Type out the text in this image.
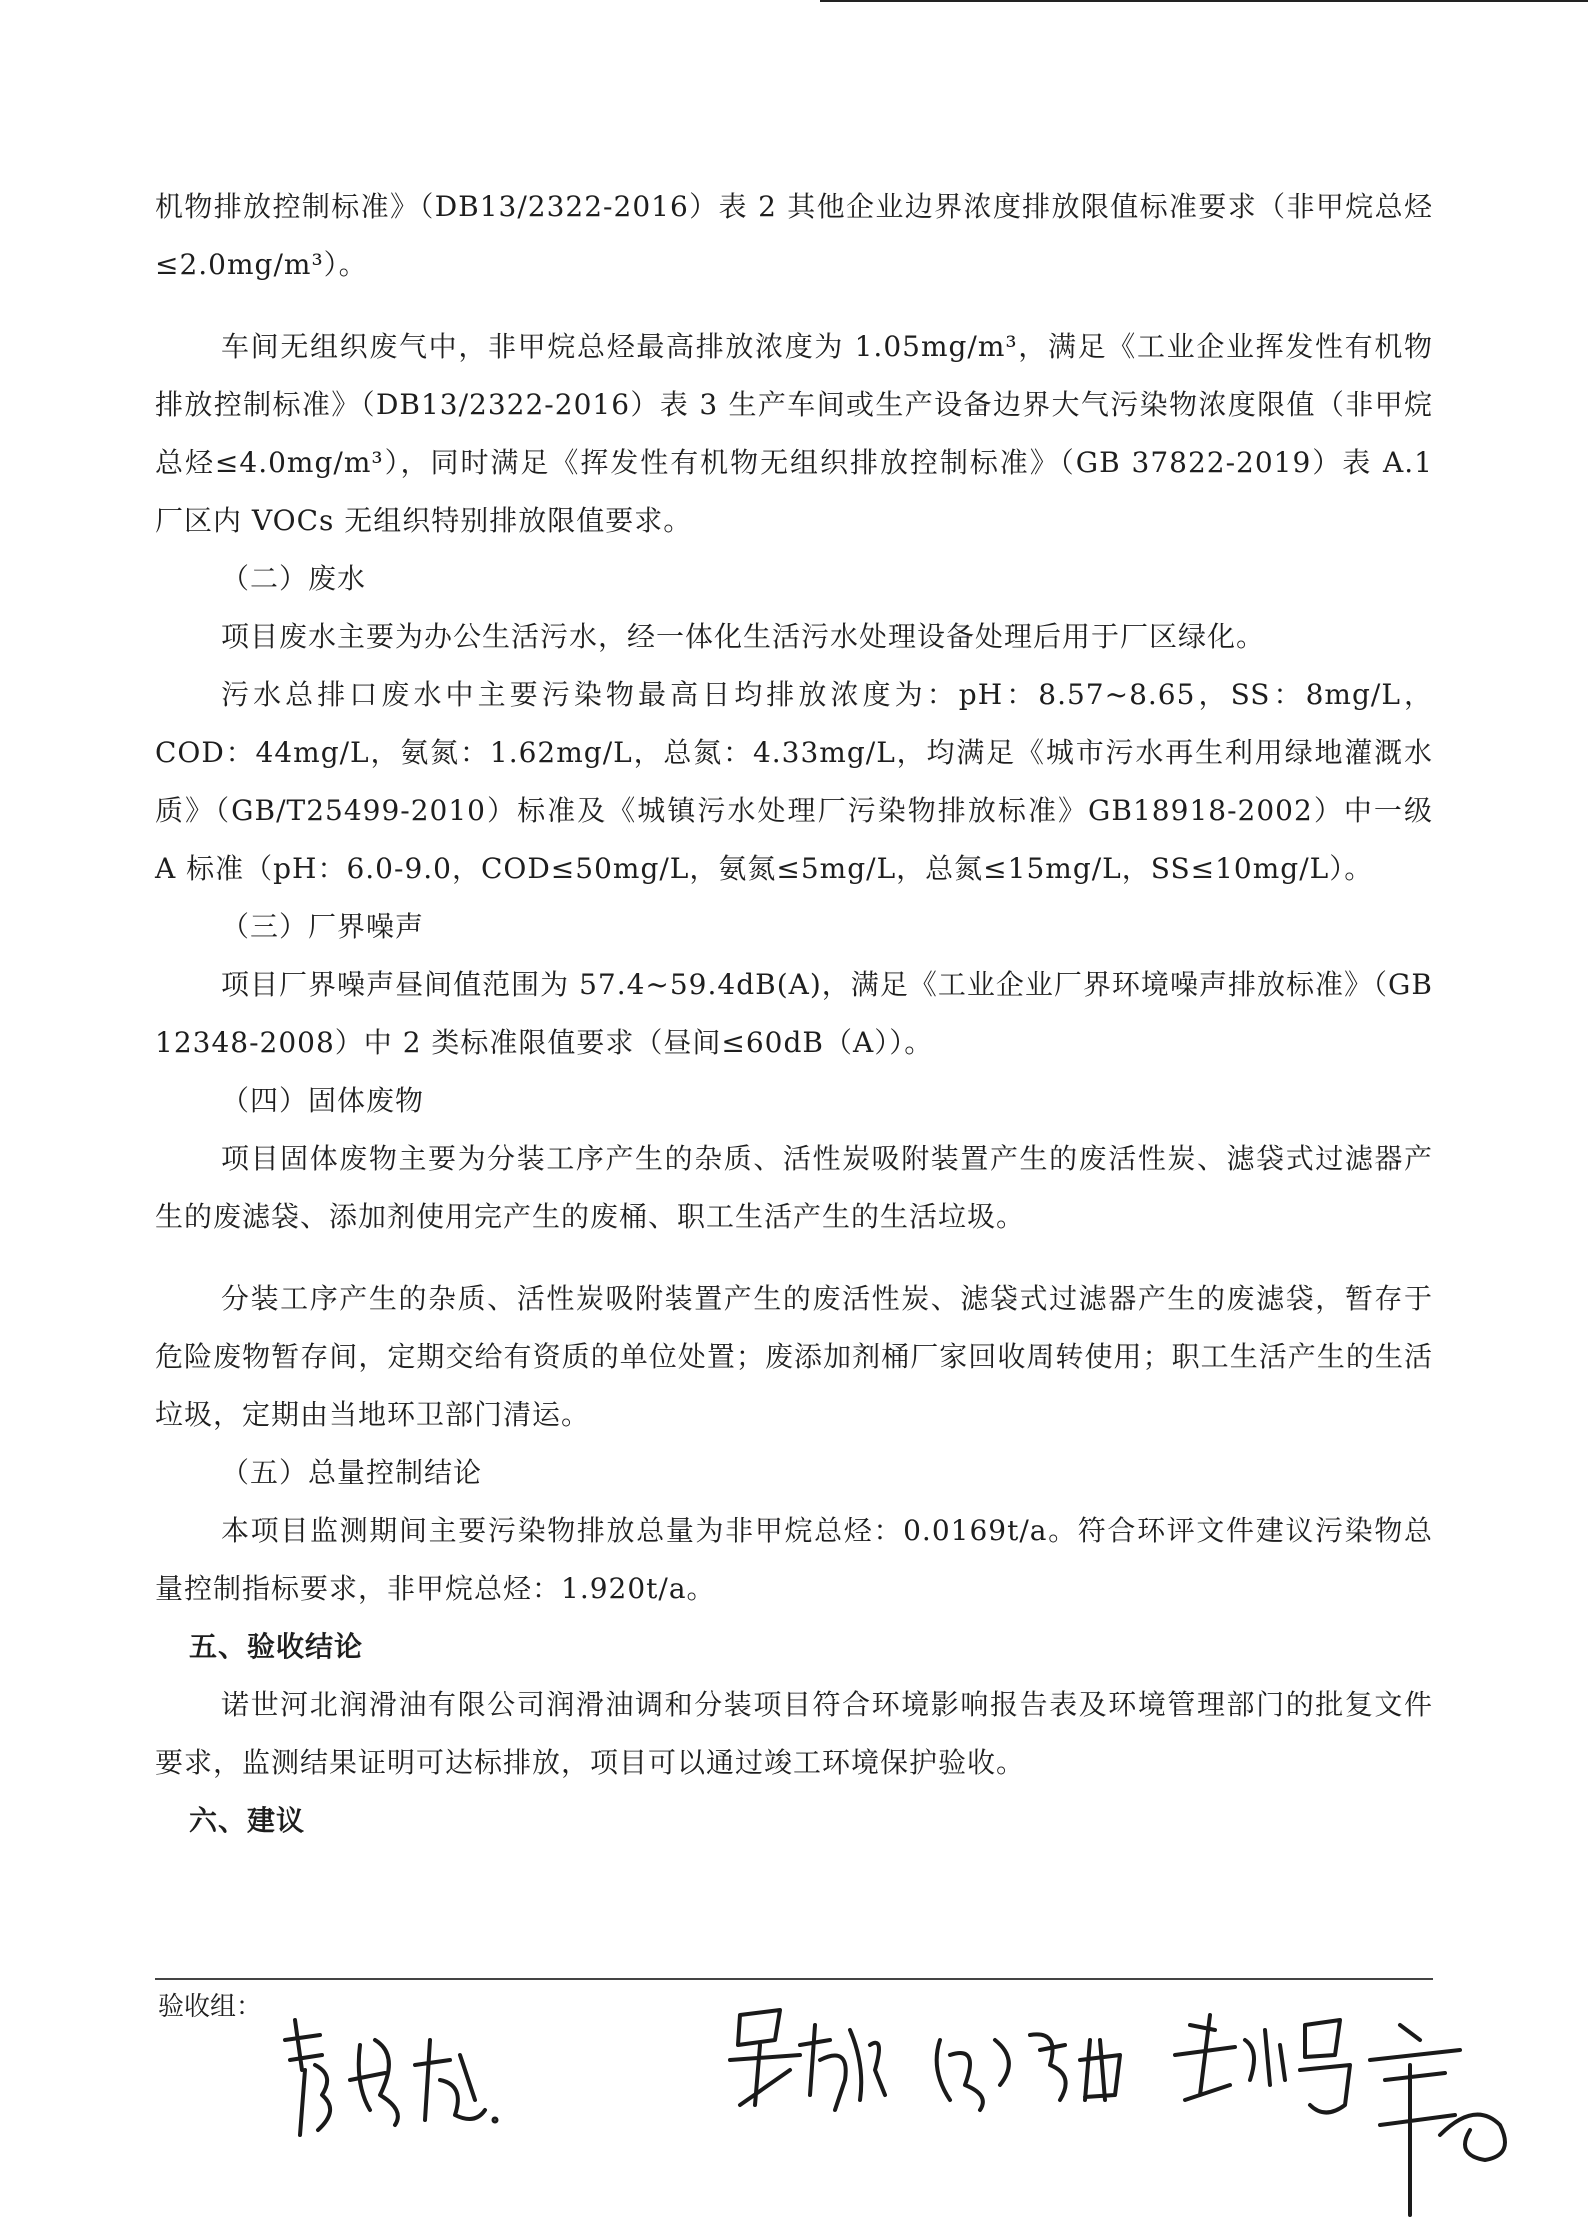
机物排放控制标准》（DB13/2322-2016）表 2 其他企业边界浓度排放限值标准要求（非甲烷总烃≤2.0mg/m³）。

车间无组织废气中，非甲烷总烃最高排放浓度为 1.05mg/m³，满足《工业企业挥发性有机物排放控制标准》（DB13/2322-2016）表 3 生产车间或生产设备边界大气污染物浓度限值（非甲烷总烃≤4.0mg/m³），同时满足《挥发性有机物无组织排放控制标准》（GB 37822-2019）表 A.1 厂区内 VOCs 无组织特别排放限值要求。

（二）废水

项目废水主要为办公生活污水，经一体化生活污水处理设备处理后用于厂区绿化。

污水总排口废水中主要污染物最高日均排放浓度为：pH：8.57~8.65，SS：8mg/L，COD：44mg/L，氨氮：1.62mg/L，总氮：4.33mg/L，均满足《城市污水再生利用绿地灌溉水质》（GB/T25499-2010）标准及《城镇污水处理厂污染物排放标准》GB18918-2002）中一级 A 标准（pH：6.0-9.0，COD≤50mg/L，氨氮≤5mg/L，总氮≤15mg/L，SS≤10mg/L）。

（三）厂界噪声

项目厂界噪声昼间值范围为 57.4~59.4dB(A)，满足《工业企业厂界环境噪声排放标准》（GB 12348-2008）中 2 类标准限值要求（昼间≤60dB（A））。

（四）固体废物

项目固体废物主要为分装工序产生的杂质、活性炭吸附装置产生的废活性炭、滤袋式过滤器产生的废滤袋、添加剂使用完产生的废桶、职工生活产生的生活垃圾。

分装工序产生的杂质、活性炭吸附装置产生的废活性炭、滤袋式过滤器产生的废滤袋，暂存于危险废物暂存间，定期交给有资质的单位处置；废添加剂桶厂家回收周转使用；职工生活产生的生活垃圾，定期由当地环卫部门清运。

（五）总量控制结论

本项目监测期间主要污染物排放总量为非甲烷总烃：0.0169t/a。符合环评文件建议污染物总量控制指标要求，非甲烷总烃：1.920t/a。

五、验收结论

诺世河北润滑油有限公司润滑油调和分装项目符合环境影响报告表及环境管理部门的批复文件要求，监测结果证明可达标排放，项目可以通过竣工环境保护验收。

六、建议

验收组：
